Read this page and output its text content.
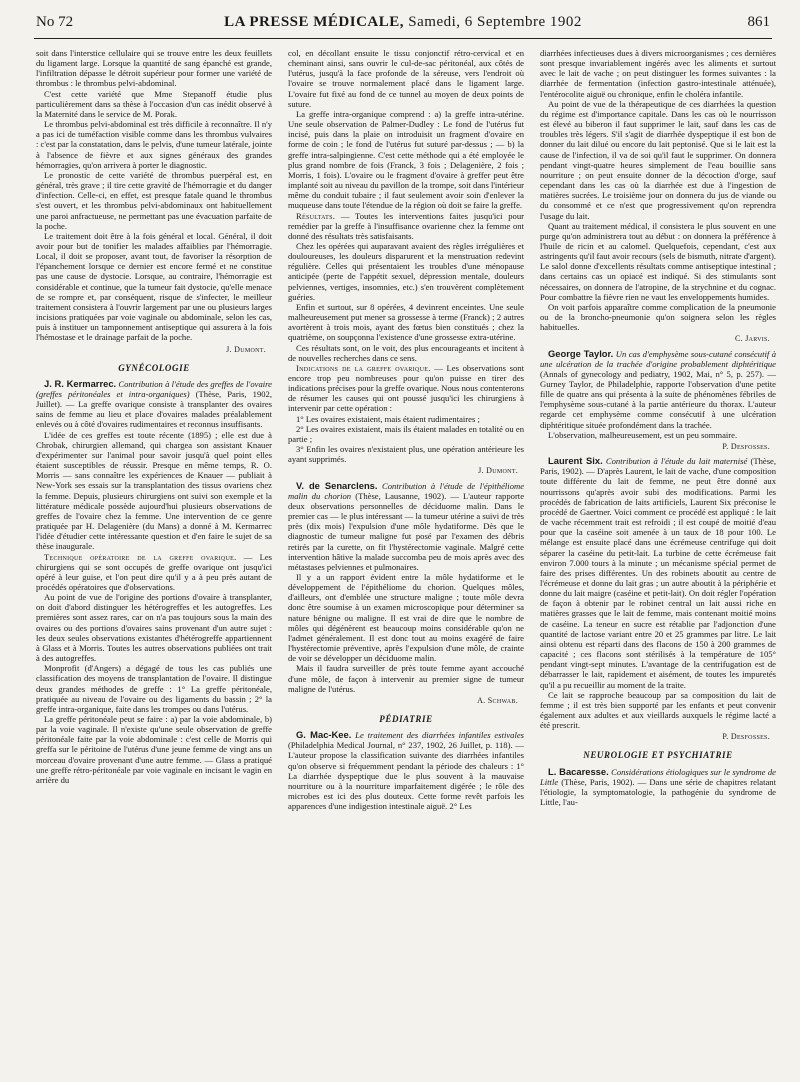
No 72	LA PRESSE MÉDICALE, Samedi, 6 Septembre 1902	861

soit dans l'interstice cellulaire qui se trouve entre les deux feuillets du ligament large. Lorsque la quantité de sang épanché est grande, l'infiltration dépasse le détroit supérieur pour former une variété de thrombus : le thrombus pelvi-abdominal.

C'est cette variété que Mme Stepanoff étudie plus particulièrement dans sa thèse à l'occasion d'un cas inédit observé à la Maternité dans le service de M. Porak.

Le thrombus pelvi-abdominal est très difficile à reconnaître. Il n'y a pas ici de tuméfaction visible comme dans les thrombus vulvaires : c'est par la constatation, dans le pelvis, d'une tumeur latérale, jointe à l'absence de fièvre et aux signes généraux des grandes hémorragies, qu'on arrivera à porter le diagnostic.

Le pronostic de cette variété de thrombus puerpéral est, en général, très grave ; il tire cette gravité de l'hémorragie et du danger d'infection. Celle-ci, en effet, est presque fatale quand le thrombus s'est ouvert, et les thrombus pelvi-abdominaux ont habituellement une paroi anfractueuse, ne permettant pas une évacuation parfaite de la poche.

Le traitement doit être à la fois général et local. Général, il doit avoir pour but de tonifier les malades affaiblies par l'hémorragie. Local, il doit se proposer, avant tout, de favoriser la résorption de l'épanchement lorsque ce dernier est encore fermé et ne constitue pas une cause de dystocie. Lorsque, au contraire, l'hémorragie est considérable et continue, que la tumeur fait dystocie, qu'elle menace de se rompre et, par conséquent, risque de s'infecter, le meilleur traitement consistera à l'ouvrir largement par une ou plusieurs larges incisions pratiquées par voie vaginale ou abdominale, selon les cas, puis à instituer un tamponnement antiseptique qui assurera à la fois l'hémostase et le drainage parfait de la poche.

J. Dumont.
GYNÉCOLOGIE

J. R. Kermarrec. Contribution à l'étude des greffes de l'ovaire (greffes péritonéales et intra-organiques) (Thèse, Paris, 1902, Juillet). — La greffe ovarique consiste à transplanter des ovaires sains de femme au lieu et place d'ovaires malades préalablement enlevés ou à côté d'ovaires rudimentaires et reconnus insuffisants.

L'idée de ces greffes est toute récente (1895) ; elle est due à Chrobak, chirurgien allemand, qui chargea son assistant Knauer d'expérimenter sur l'animal pour savoir jusqu'à quel point elles étaient susceptibles de réussir. Presque en même temps, R. O. Morris — sans connaître les expériences de Knauer — publiait à New-York ses essais sur la transplantation des tissus ovariens chez la femme. Depuis, plusieurs chirurgiens ont suivi son exemple et la littérature médicale possède aujourd'hui plusieurs observations de greffes de l'ovaire chez la femme. Une intervention de ce genre pratiquée par H. Delagenière (du Mans) a donné à M. Kermarrec l'idée d'étudier cette intéressante question et d'en faire le sujet de sa thèse inaugurale.

Technique opératoire de la greffe ovarique. — Les chirurgiens qui se sont occupés de greffe ovarique ont jusqu'ici opéré à leur guise, et l'on peut dire qu'il y a à peu près autant de procédés opératoires que d'observations.

Au point de vue de l'origine des portions d'ovaire à transplanter, on doit d'abord distinguer les hétérogreffes et les autogreffes. Les premières sont assez rares, car on n'a pas toujours sous la main des ovaires ou des portions d'ovaires sains provenant d'un autre sujet : les deux seules observations existantes d'hétérogreffe appartiennent à Glass et à Morris. Toutes les autres observations publiées ont trait à des autogreffes.

Monprofit (d'Angers) a dégagé de tous les cas publiés une classification des moyens de transplantation de l'ovaire. Il distingue deux grandes méthodes de greffe : 1° La greffe péritonéale, pratiquée au niveau de l'ovaire ou des ligaments du bassin ; 2° la greffe intra-organique, faite dans les trompes ou dans l'utérus.

La greffe péritonéale peut se faire : a) par la voie abdominale, b) par la voie vaginale. Il n'existe qu'une seule observation de greffe péritonéale faite par la voie abdominale : c'est celle de Morris qui greffa sur le péritoine de l'utérus d'une jeune femme de vingt ans un morceau d'ovaire provenant d'une autre femme. — Glass a pratiqué une greffe rétro-péritonéale par voie vaginale en incisant le vagin en arrière du

col, en décollant ensuite le tissu conjonctif rétro-cervical et en cheminant ainsi, sans ouvrir le cul-de-sac péritonéal, aux côtés de l'utérus, jusqu'à la face profonde de la séreuse, vers l'endroit où l'ovaire se trouve normalement placé dans le ligament large. L'ovaire fut fixé au fond de ce tunnel au moyen de deux points de suture.

La greffe intra-organique comprend : a) la greffe intra-utérine. Une seule observation de Palmer-Dudley : Le fond de l'utérus fut incisé, puis dans la plaie on introduisit un fragment d'ovaire en forme de coin ; le fond de l'utérus fut suturé par-dessus ; — b) la greffe intra-salpingienne. C'est cette méthode qui a été employée le plus grand nombre de fois (Franck, 3 fois ; Delagenière, 2 fois ; Morris, 1 fois). L'ovaire ou le fragment d'ovaire à greffer peut être implanté soit au niveau du pavillon de la trompe, soit dans l'intérieur même du conduit tubaire ; il faut seulement avoir soin d'enlever la muqueuse dans toute l'étendue de la région où doit se faire la greffe.

Résultats. — Toutes les interventions faites jusqu'ici pour remédier par la greffe à l'insuffisance ovarienne chez la femme ont donné des résultats très satisfaisants.

Chez les opérées qui auparavant avaient des règles irrégulières et douloureuses, les douleurs disparurent et la menstruation redevint régulière. Celles qui présentaient les troubles d'une ménopause anticipée (perte de l'appétit sexuel, dépression mentale, douleurs pelviennes, vertiges, insomnies, etc.) s'en trouvèrent complètement guéries.

Enfin et surtout, sur 8 opérées, 4 devinrent enceintes. Une seule malheureusement put mener sa grossesse à terme (Franck) ; 2 autres avortèrent à trois mois, ayant des fœtus bien constitués ; chez la quatrième, on soupçonna l'existence d'une grossesse extra-utérine.

Ces résultats sont, on le voit, des plus encourageants et incitent à de nouvelles recherches dans ce sens.

Indications de la greffe ovarique. — Les observations sont encore trop peu nombreuses pour qu'on puisse en tirer des indications précises pour la greffe ovarique. Nous nous contenterons de résumer les causes qui ont poussé jusqu'ici les chirurgiens à intervenir par cette opération :

1° Les ovaires existaient, mais étaient rudimentaires ;

2° Les ovaires existaient, mais ils étaient malades en totalité ou en partie ;

3° Enfin les ovaires n'existaient plus, une opération antérieure les ayant supprimés.

J. Dumont.

V. de Senarclens. Contribution à l'étude de l'épithéliome malin du chorion (Thèse, Lausanne, 1902). — L'auteur rapporte deux observations personnelles de déciduome malin. Dans le premier cas — le plus intéressant — la tumeur utérine a suivi de très près (dix mois) l'expulsion d'une môle hydatiforme. Dès que le diagnostic de tumeur maligne fut posé par l'examen des débris retirés par la curette, on fit l'hystérectomie vaginale. Malgré cette intervention hâtive la malade succomba peu de mois après avec des métastases pelviennes et pulmonaires.

Il y a un rapport évident entre la môle hydatiforme et le développement de l'épithéliome du chorion. Quelques môles, d'ailleurs, ont d'emblée une structure maligne ; toute môle devra donc être soumise à un examen microscopique pour déterminer sa nature bénigne ou maligne. Il est vrai de dire que le nombre de môles qui dégénèrent est beaucoup moins considérable qu'on ne l'admet généralement. Il est donc tout au moins exagéré de faire l'hystérectomie préventive, après l'expulsion d'une môle, de crainte de voir se développer un déciduome malin.

Mais il faudra surveiller de près toute femme ayant accouché d'une môle, de façon à intervenir au premier signe de tumeur maligne de l'utérus.

A. Schwab.
PÉDIATRIE

G. Mac-Kee. Le traitement des diarrhées infantiles estivales (Philadelphia Medical Journal, n° 237, 1902, 26 Juillet, p. 118). — L'auteur propose la classification suivante des diarrhées infantiles qu'on observe si fréquemment pendant la période des chaleurs : 1° La diarrhée dyspeptique due le plus souvent à la mauvaise nourriture ou à la nourriture imparfaitement digérée ; le rôle des microbes est ici des plus douteux. Cette forme revêt parfois les apparences d'une indigestion intestinale aiguë. 2° Les

diarrhées infectieuses dues à divers microorganismes ; ces dernières sont presque invariablement ingérés avec les aliments et surtout avec le lait de vache ; on peut distinguer les formes suivantes : la diarrhée de fermentation (infection gastro-intestinale atténuée), l'entérocolite aiguë ou chronique, enfin le choléra infantile.

Au point de vue de la thérapeutique de ces diarrhées la question du régime est d'importance capitale. Dans les cas où le nourrisson est élevé au biberon il faut supprimer le lait, sauf dans les cas de troubles très légers. S'il s'agit de diarrhée dyspeptique il est bon de donner du lait dilué ou encore du lait peptonisé. Que si le lait est la cause de l'infection, il va de soi qu'il faut le supprimer. On donnera pendant vingt-quatre heures simplement de l'eau bouillie sans nourriture ; on peut ensuite donner de la décoction d'orge, sauf cependant dans les cas où la diarrhée est due à l'ingestion de matières sucrées. Le troisième jour on donnera du jus de viande ou du consommé et ce n'est que progressivement qu'on reprendra l'usage du lait.

Quant au traitement médical, il consistera le plus souvent en une purge qu'on administrera tout au début : on donnera la préférence à l'huile de ricin et au calomel. Quelquefois, cependant, c'est aux astringents qu'il faut avoir recours (sels de bismuth, nitrate d'argent). Le salol donne d'excellents résultats comme antiseptique intestinal ; dans certains cas un opiacé est indiqué. Si des stimulants sont nécessaires, on donnera de l'atropine, de la strychnine et du cognac. Pour combattre la fièvre rien ne vaut les enveloppements humides.

On voit parfois apparaître comme complication de la pneumonie ou de la broncho-pneumonie qu'on soignera selon les règles habituelles.

C. Jarvis.

George Taylor. Un cas d'emphysème sous-cutané consécutif à une ulcération de la trachée d'origine probablement diphtéritique (Annals of gynecology and pediatry, 1902, Mai, n° 5, p. 257). — Gurney Taylor, de Philadelphie, rapporte l'observation d'une petite fille de quatre ans qui présenta à la suite de phénomènes fébriles de l'emphysème sous-cutané à la partie antérieure du thorax. L'auteur regarde cet emphysème comme consécutif à une ulcération diphtéritique située profondément dans la trachée.

L'observation, malheureusement, est un peu sommaire.

P. Desfosses.

Laurent Six. Contribution à l'étude du lait maternisé (Thèse, Paris, 1902). — D'après Laurent, le lait de vache, d'une composition toute différente du lait de femme, ne peut être donné aux nourrissons qu'après avoir subi des modifications. Parmi les procédés de fabrication de laits artificiels, Laurent Six préconise le procédé de Gaertner. Voici comment ce procédé est appliqué : le lait de vache récemment trait est refroidi ; il est coupé de moitié d'eau pour que la caséine soit amenée à un taux de 18 pour 100. Le mélange est ensuite placé dans une écrémeuse centrifuge qui doit séparer la caséine du petit-lait. La turbine de cette écrémeuse fait environ 7.000 tours à la minute ; un mécanisme spécial permet de faire des prises différentes. Un des robinets aboutit au centre de l'écrémeuse et donne du lait gras ; un autre aboutit à la périphérie et donne du lait maigre (caséine et petit-lait). On doit régler l'opération de façon à obtenir par le robinet central un lait aussi riche en matières grasses que le lait de femme, mais contenant moitié moins de caséine. La teneur en sucre est rétablie par l'adjonction d'une quantité de lactose variant entre 20 et 25 grammes par litre. Le lait ainsi obtenu est réparti dans des flacons de 150 à 200 grammes de capacité ; ces flacons sont stérilisés à la température de 105° pendant vingt-sept minutes. L'avantage de la centrifugation est de débarrasser le lait, rapidement et aisément, de toutes les impuretés qu'il a pu recueillir au moment de la traite.

Ce lait se rapproche beaucoup par sa composition du lait de femme ; il est très bien supporté par les enfants et peut convenir également aux adultes et aux vieillards auxquels le régime lacté a été prescrit.

P. Desfosses.
NEUROLOGIE ET PSYCHIATRIE

L. Bacaresse. Considérations étiologiques sur le syndrome de Little (Thèse, Paris, 1902). — Dans une série de chapitres relatant l'étiologie, la symptomatologie, la pathogénie du syndrome de Little, l'au-
